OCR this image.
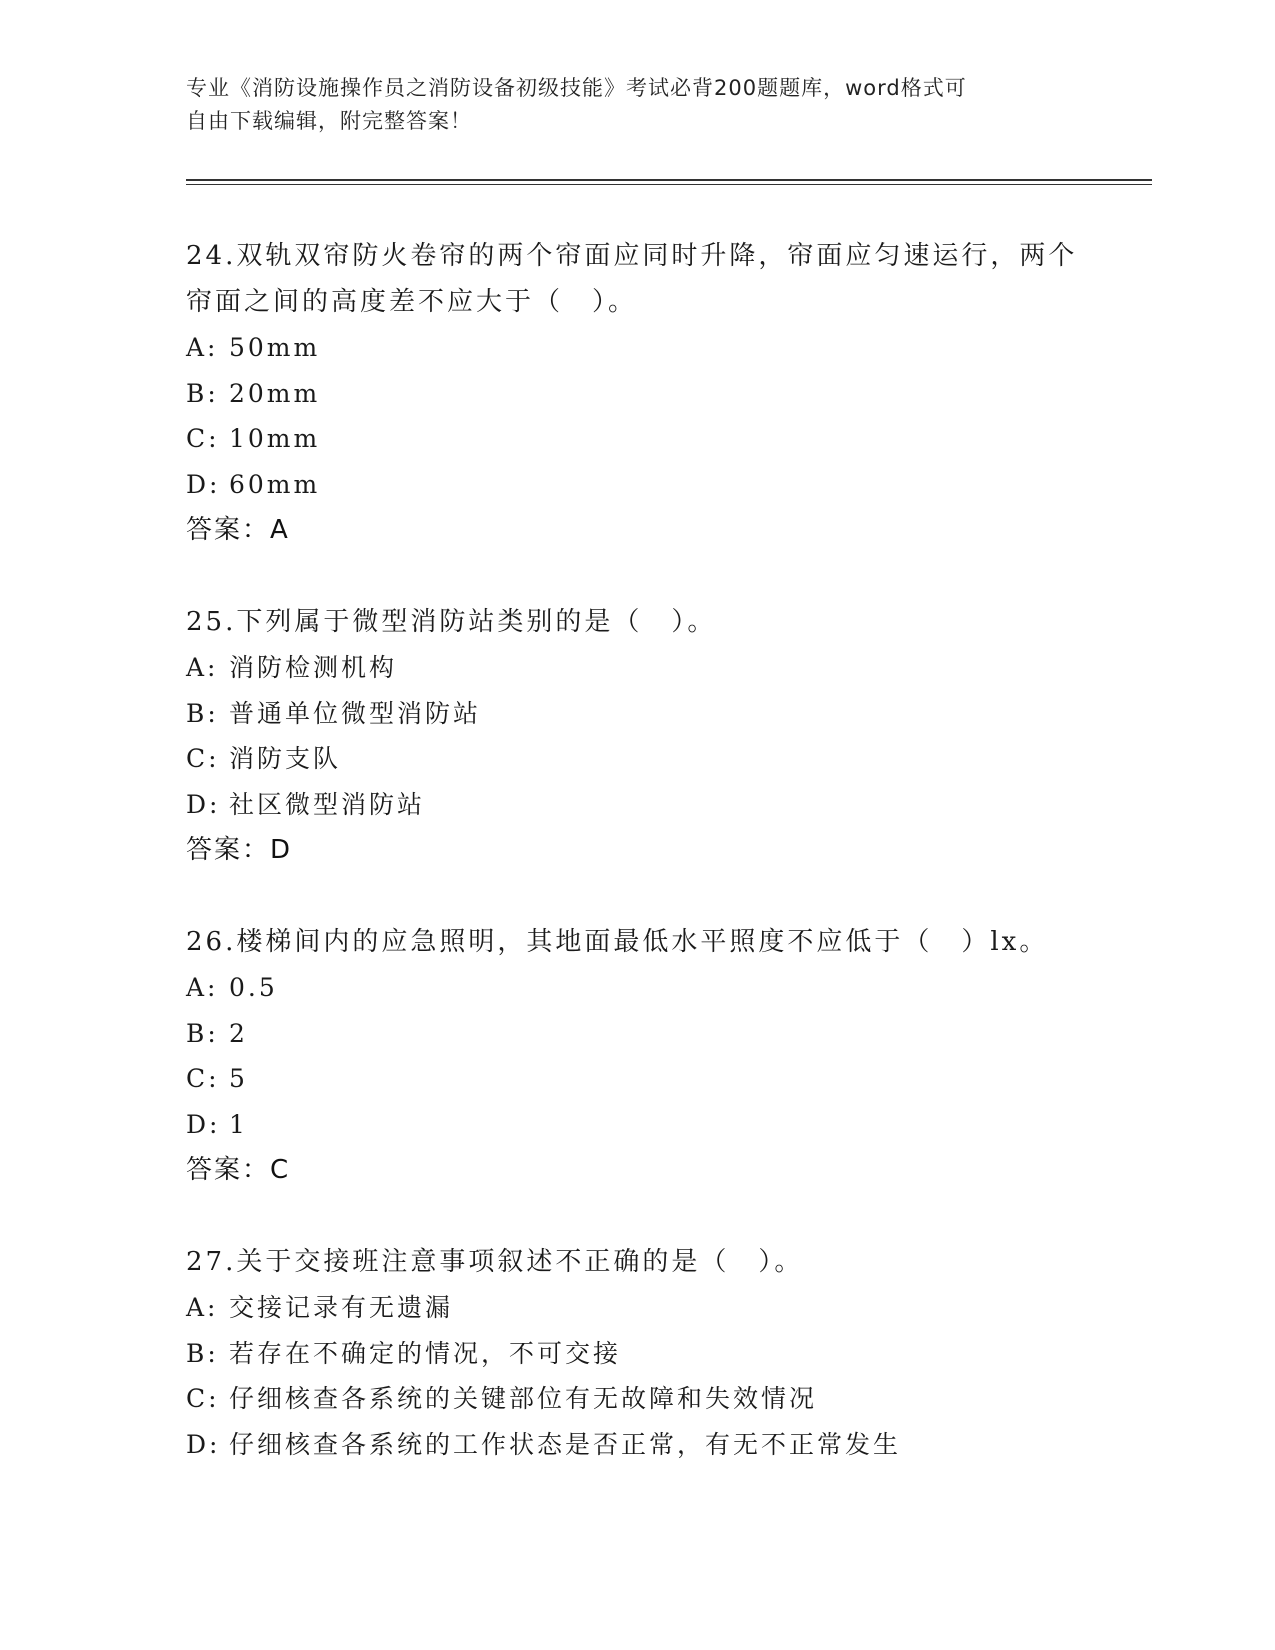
专业《消防设施操作员之消防设备初级技能》考试必背200题题库，word格式可
自由下载编辑，附完整答案！
24.双轨双帘防火卷帘的两个帘面应同时升降，帘面应匀速运行，两个
帘面之间的高度差不应大于（　）。
A: 50mm
B: 20mm
C: 10mm
D: 60mm
答案： A
25.下列属于微型消防站类别的是（　）。
A: 消防检测机构
B: 普通单位微型消防站
C: 消防支队
D: 社区微型消防站
答案： D
26.楼梯间内的应急照明，其地面最低水平照度不应低于（　）lx。
A: 0.5
B: 2
C: 5
D: 1
答案： C
27.关于交接班注意事项叙述不正确的是（　）。
A: 交接记录有无遗漏
B: 若存在不确定的情况，不可交接
C: 仔细核查各系统的关键部位有无故障和失效情况
D: 仔细核查各系统的工作状态是否正常，有无不正常发生
